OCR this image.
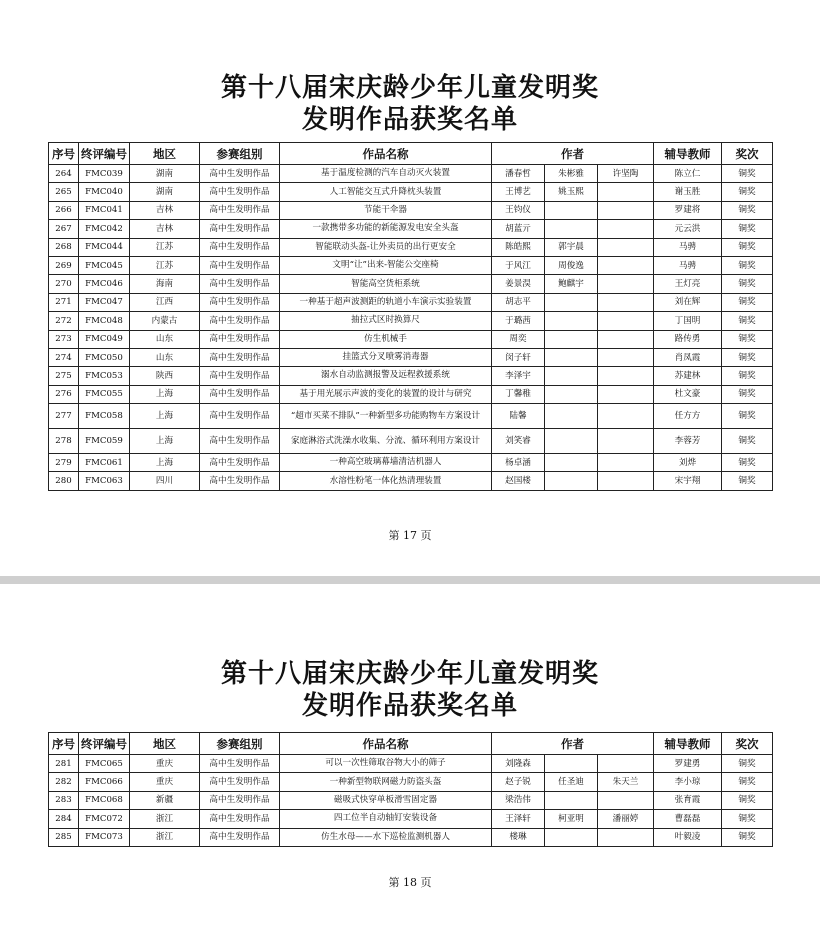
第十八届宋庆龄少年儿童发明奖
发明作品获奖名单
序号	终评编号	地区	参赛组别	作品名称	作者			辅导教师	奖次
264	FMC039	湖南	高中生发明作品	基于温度检测的汽车自动灭火装置	潘春哲	朱彬雅	许坚陶	陈立仁	铜奖
265	FMC040	湖南	高中生发明作品	人工智能交互式升降枕头装置	王博艺	姚玉熙		谢玉胜	铜奖
266	FMC041	吉林	高中生发明作品	节能干伞器	王钧仪			罗建将	铜奖
267	FMC042	吉林	高中生发明作品	一款携带多功能的新能源发电安全头盔	胡蓝亓			元云洪	铜奖
268	FMC044	江苏	高中生发明作品	智能联动头盔-让外卖员的出行更安全	陈皓熙	郭宇晨		马骋	铜奖
269	FMC045	江苏	高中生发明作品	文明“让”出来-智能公交座椅	于风江	周俊逸		马骋	铜奖
270	FMC046	海南	高中生发明作品	智能高空货柜系统	姜景淏	鲍麒宇		王灯亮	铜奖
271	FMC047	江西	高中生发明作品	一种基于超声波测距的轨道小车演示实验装置	胡志平			刘在辉	铜奖
272	FMC048	内蒙古	高中生发明作品	抽拉式区时换算尺	于璐茜			丁国明	铜奖
273	FMC049	山东	高中生发明作品	仿生机械手	周奕			路传勇	铜奖
274	FMC050	山东	高中生发明作品	挂篮式分叉喷雾消毒器	闵子轩			肖凤霞	铜奖
275	FMC053	陕西	高中生发明作品	溺水自动监测报警及远程救援系统	李泽宇			苏建林	铜奖
276	FMC055	上海	高中生发明作品	基于用光展示声波的变化的装置的设计与研究	丁馨稚			杜文豪	铜奖
277	FMC058	上海	高中生发明作品	“超市买菜不排队”一种新型多功能购物车方案设计	陆馨			任方方	铜奖
278	FMC059	上海	高中生发明作品	家庭淋浴式洗澡水收集、分流、循环利用方案设计	刘笑睿			李蓉芳	铜奖
279	FMC061	上海	高中生发明作品	一种高空玻璃幕墙清洁机器人	杨卓涵			刘烨	铜奖
280	FMC063	四川	高中生发明作品	水溶性粉笔一体化热清理装置	赵国楼			宋宇翔	铜奖
第 17 页
第十八届宋庆龄少年儿童发明奖
发明作品获奖名单
序号	终评编号	地区	参赛组别	作品名称	作者			辅导教师	奖次
281	FMC065	重庆	高中生发明作品	可以一次性筛取谷物大小的筛子	刘隆森			罗建勇	铜奖
282	FMC066	重庆	高中生发明作品	一种新型物联网磁力防盗头盔	赵子锐	任圣迪	朱天兰	李小琼	铜奖
283	FMC068	新疆	高中生发明作品	磁吸式快穿单板滑雪固定器	梁浩伟			张育霞	铜奖
284	FMC072	浙江	高中生发明作品	四工位半自动轴钉安装设备	王泽轩	柯亚明	潘丽婷	曹磊磊	铜奖
285	FMC073	浙江	高中生发明作品	仿生水母——水下巡检监测机器人	楼琳			叶毅凌	铜奖
第 18 页
